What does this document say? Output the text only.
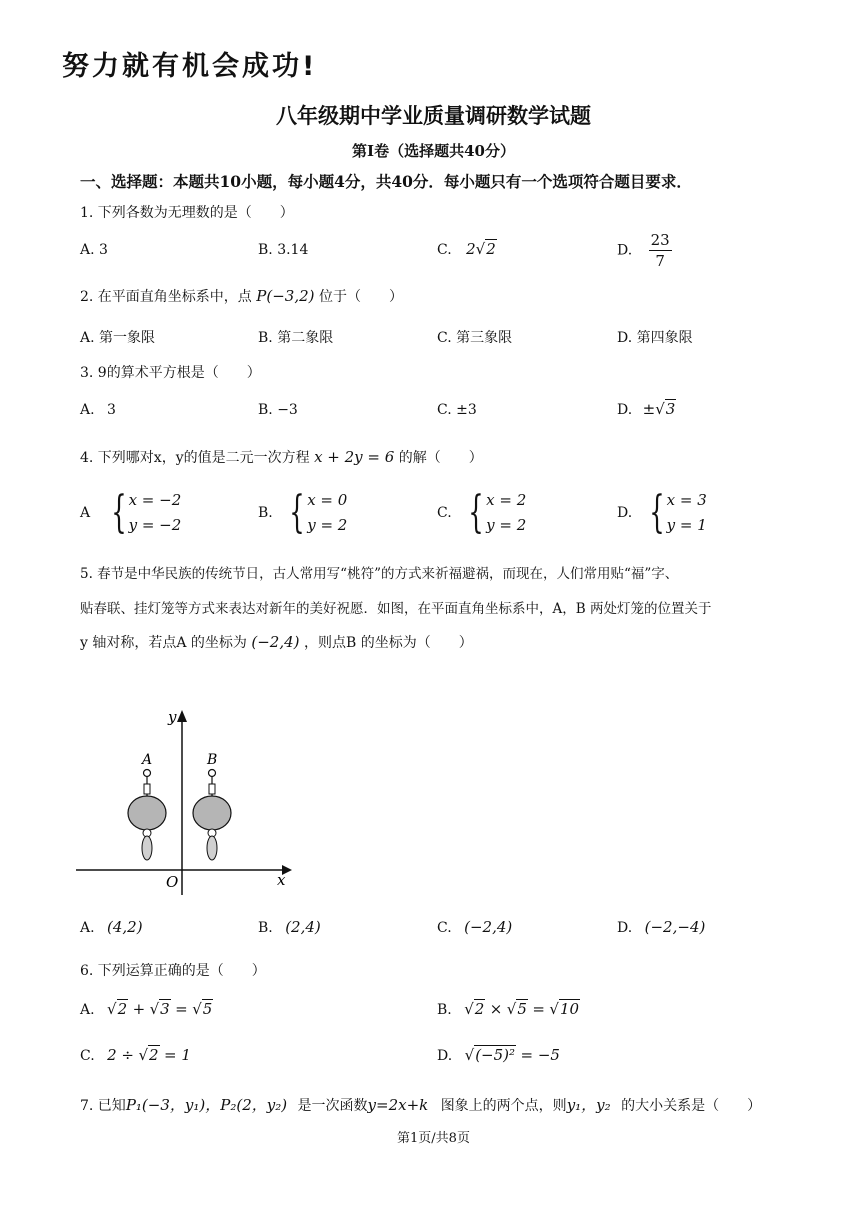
努力就有机会成功!
八年级期中学业质量调研数学试题
第I卷（选择题共40分）
一、选择题：本题共10小题，每小题4分，共40分．每小题只有一个选项符合题目要求．
1. 下列各数为无理数的是（　　）
A. 3	B. 3.14	C. 2√2	D. $\frac{23}{7}$
2. 在平面直角坐标系中，点 P(−3,2) 位于（　　）
A. 第一象限	B. 第二象限	C. 第三象限	D. 第四象限
3. 9的算术平方根是（　　）
A. 3	B. −3	C. ±3	D. ±√3
4. 下列哪对x，y的值是二元一次方程 x + 2y = 6 的解（　　）
A { x = −2
y = −2
B. { x = 0
y = 2
C. { x = 2
y = 2
D. { x = 3
y = 1
5. 春节是中华民族的传统节日，古人常用写“桃符”的方式来祈福避祸，而现在，人们常用贴“福”字、
贴春联、挂灯笼等方式来表达对新年的美好祝愿．如图，在平面直角坐标系中，A，B 两处灯笼的位置关于
y 轴对称，若点A 的坐标为 (−2,4) ，则点B 的坐标为（　　）
y
x
O
A	B
A. (4,2)	B. (2,4)	C. (−2,4)	D. (−2,−4)
6. 下列运算正确的是（　　）
A. √2 + √3 = √5	B. √2 × √5 = √10
C. 2 ÷ √2 = 1	D. √(−5)² = −5
7. 已知P₁(−3，y₁)，P₂(2，y₂) 是一次函数y=2x+k 图象上的两个点，则y₁，y₂ 的大小关系是（　　）
第1页/共8页
